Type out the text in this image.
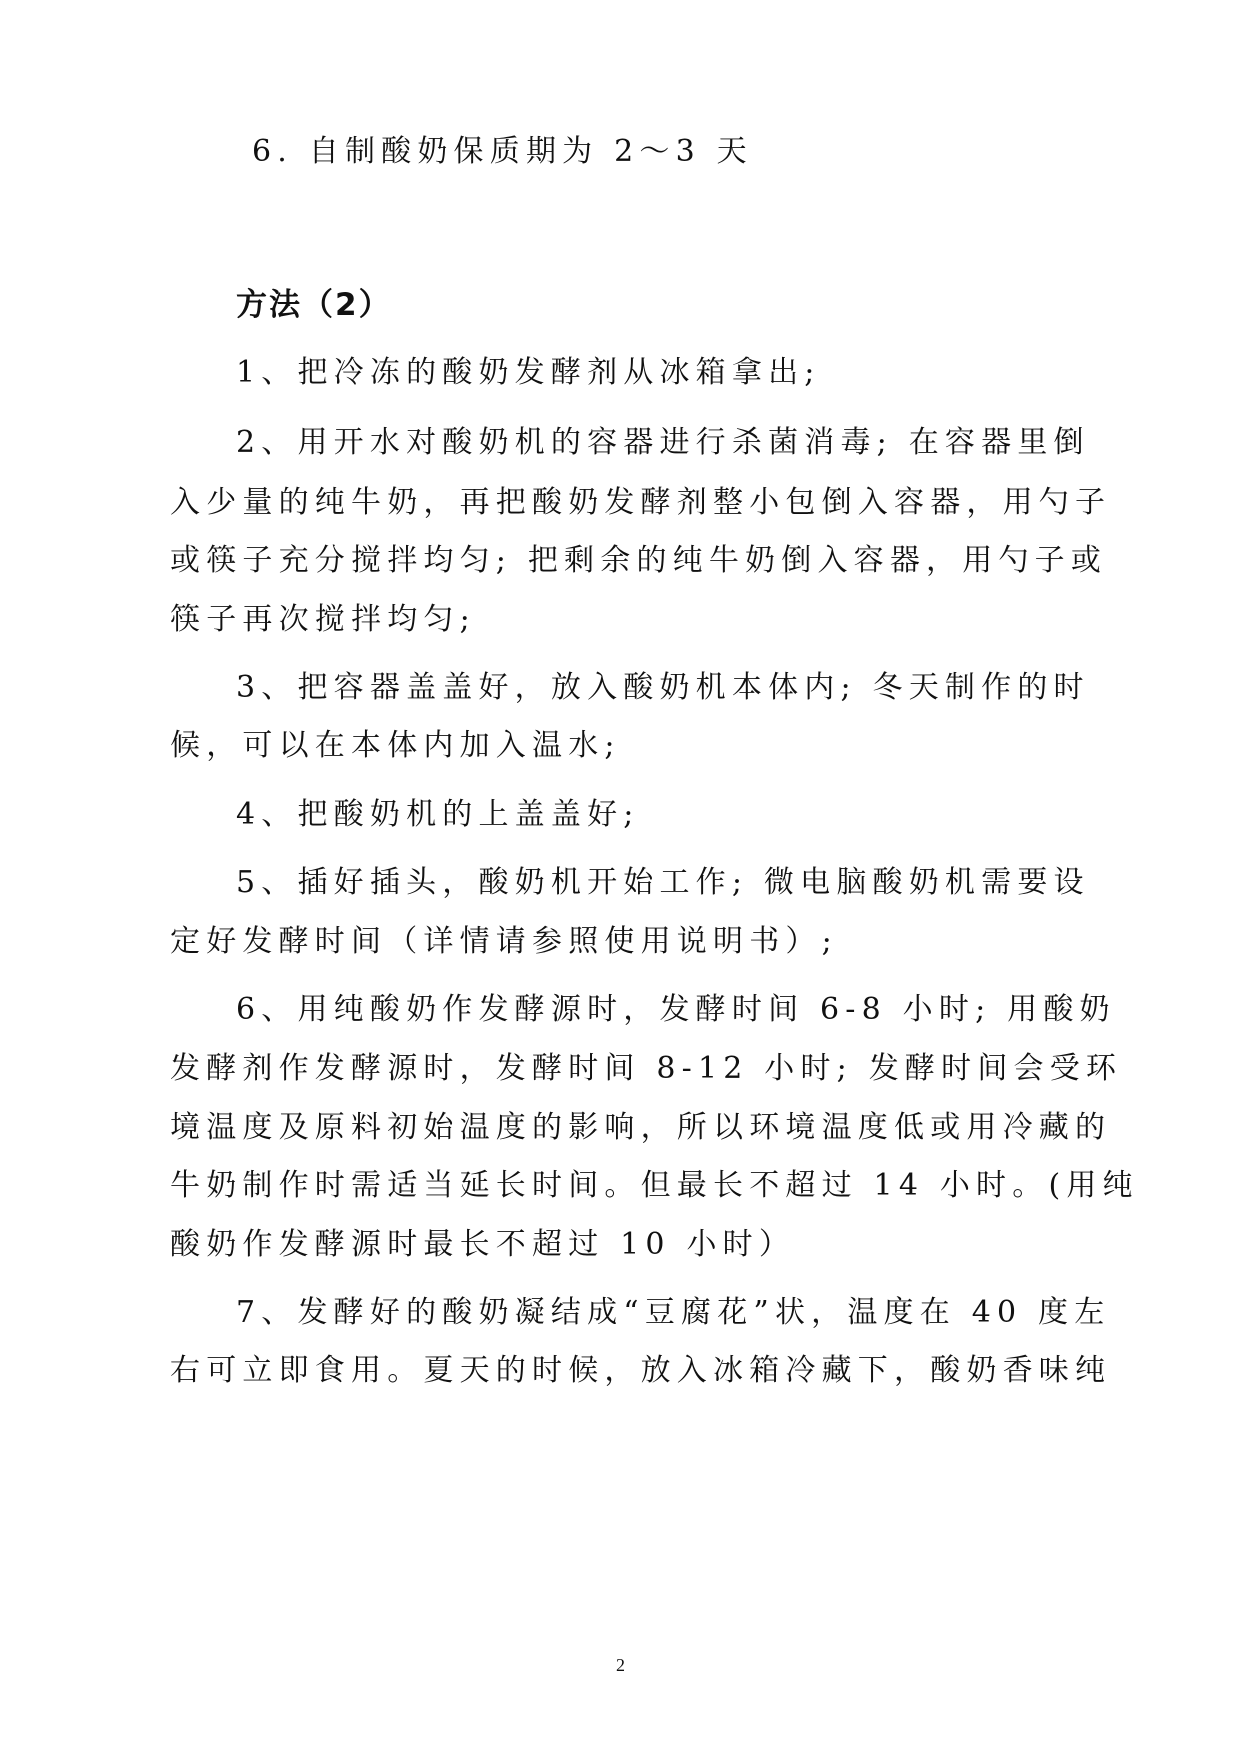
6. 自制酸奶保质期为 2～3 天
方法（2）
1、把冷冻的酸奶发酵剂从冰箱拿出;
2、用开水对酸奶机的容器进行杀菌消毒; 在容器里倒
入少量的纯牛奶，再把酸奶发酵剂整小包倒入容器，用勺子
或筷子充分搅拌均匀; 把剩余的纯牛奶倒入容器，用勺子或
筷子再次搅拌均匀;
3、把容器盖盖好，放入酸奶机本体内; 冬天制作的时
候，可以在本体内加入温水;
4、把酸奶机的上盖盖好;
5、插好插头，酸奶机开始工作; 微电脑酸奶机需要设
定好发酵时间（详情请参照使用说明书）;
6、用纯酸奶作发酵源时，发酵时间 6-8 小时; 用酸奶
发酵剂作发酵源时，发酵时间 8-12 小时; 发酵时间会受环
境温度及原料初始温度的影响，所以环境温度低或用冷藏的
牛奶制作时需适当延长时间。但最长不超过 14 小时。(用纯
酸奶作发酵源时最长不超过 10 小时）
7、发酵好的酸奶凝结成“豆腐花”状，温度在 40 度左
右可立即食用。夏天的时候，放入冰箱冷藏下，酸奶香味纯
2
